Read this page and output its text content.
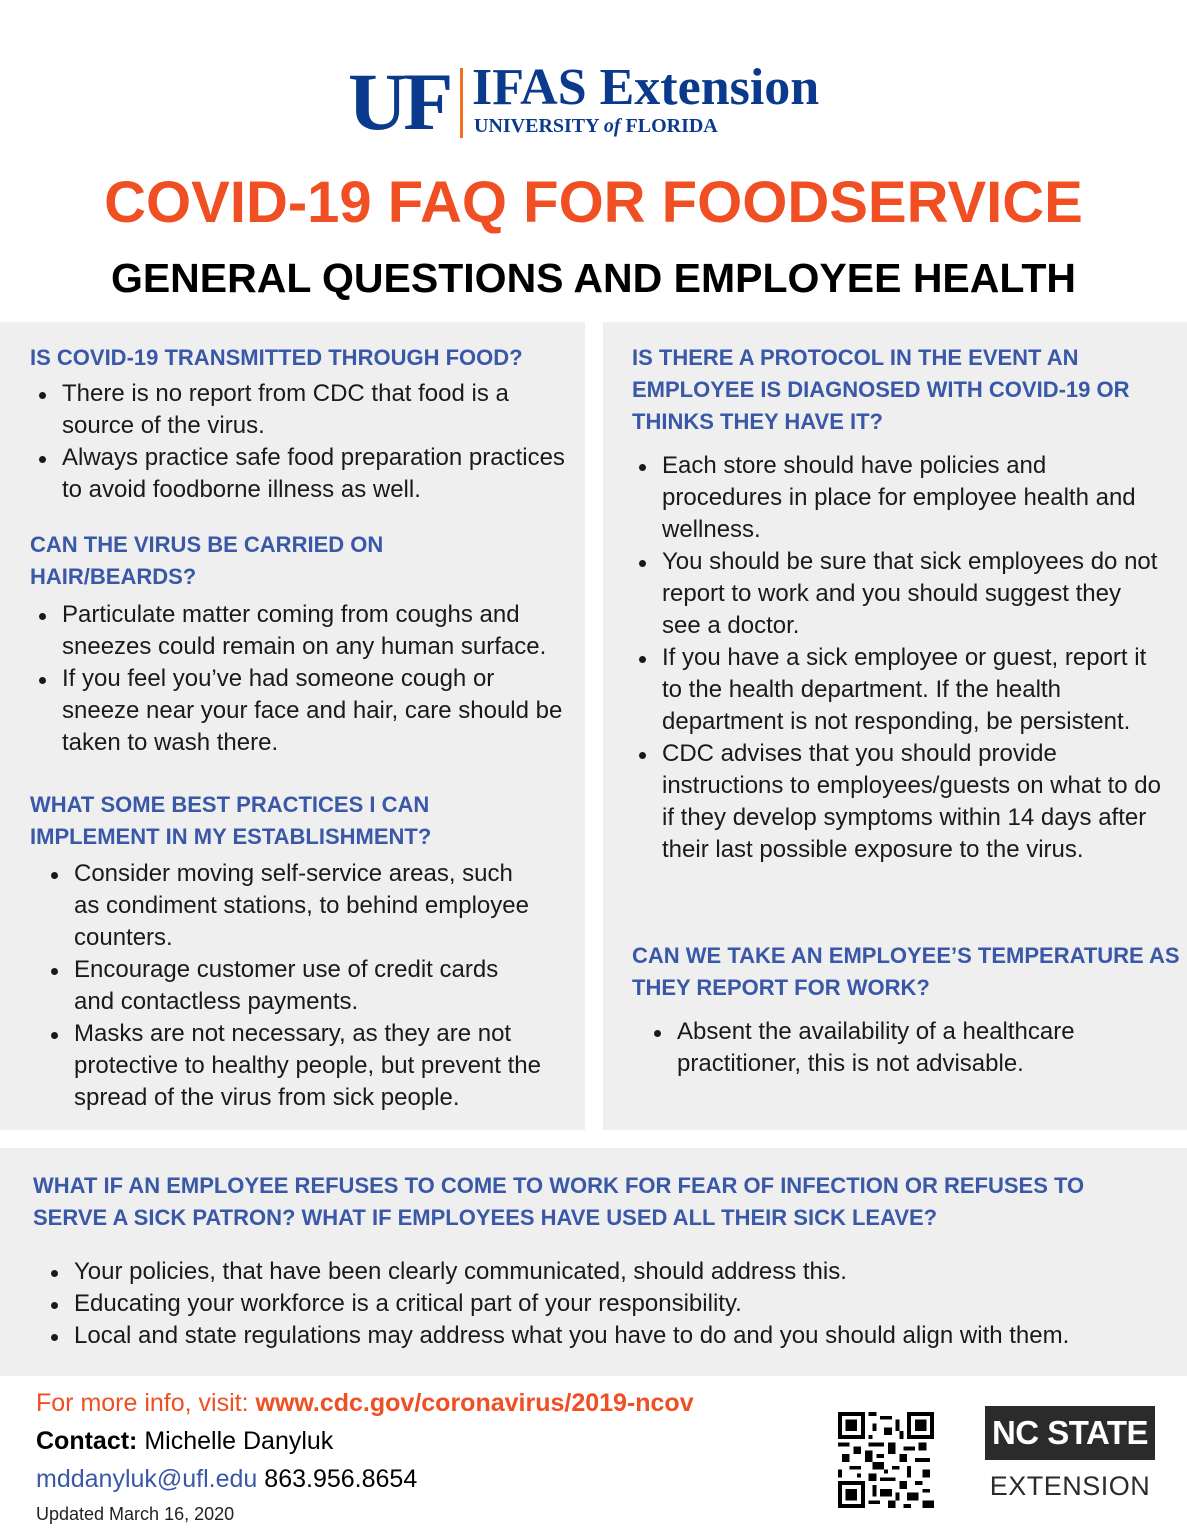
UF IFAS Extension
UNIVERSITY of FLORIDA
COVID-19 FAQ FOR FOODSERVICE
GENERAL QUESTIONS AND EMPLOYEE HEALTH
IS COVID-19 TRANSMITTED THROUGH FOOD?
There is no report from CDC that food is a source of the virus.
Always practice safe food preparation practices to avoid foodborne illness as well.
CAN THE VIRUS BE CARRIED ON HAIR/BEARDS?
Particulate matter coming from coughs and sneezes could remain on any human surface.
If you feel you’ve had someone cough or sneeze near your face and hair, care should be taken to wash there.
WHAT SOME BEST PRACTICES I CAN IMPLEMENT IN MY ESTABLISHMENT?
Consider moving self-service areas, such as condiment stations, to behind employee counters.
Encourage customer use of credit cards and contactless payments.
Masks are not necessary, as they are not protective to healthy people, but prevent the spread of the virus from sick people.
IS THERE A PROTOCOL IN THE EVENT AN EMPLOYEE IS DIAGNOSED WITH COVID-19 OR THINKS THEY HAVE IT?
Each store should have policies and procedures in place for employee health and wellness.
You should be sure that sick employees do not report to work and you should suggest they see a doctor.
If you have a sick employee or guest, report it to the health department. If the health department is not responding, be persistent.
CDC advises that you should provide instructions to employees/guests on what to do if they develop symptoms within 14 days after their last possible exposure to the virus.
CAN WE TAKE AN EMPLOYEE’S TEMPERATURE AS THEY REPORT FOR WORK?
Absent the availability of a healthcare practitioner, this is not advisable.
WHAT IF AN EMPLOYEE REFUSES TO COME TO WORK FOR FEAR OF INFECTION OR REFUSES TO SERVE A SICK PATRON? WHAT IF EMPLOYEES HAVE USED ALL THEIR SICK LEAVE?
Your policies, that have been clearly communicated, should address this.
Educating your workforce is a critical part of your responsibility.
Local and state regulations may address what you have to do and you should align with them.
For more info, visit: www.cdc.gov/coronavirus/2019-ncov
Contact: Michelle Danyluk
mddanyluk@ufl.edu 863.956.8654
Updated March 16, 2020
NC STATE
EXTENSION
